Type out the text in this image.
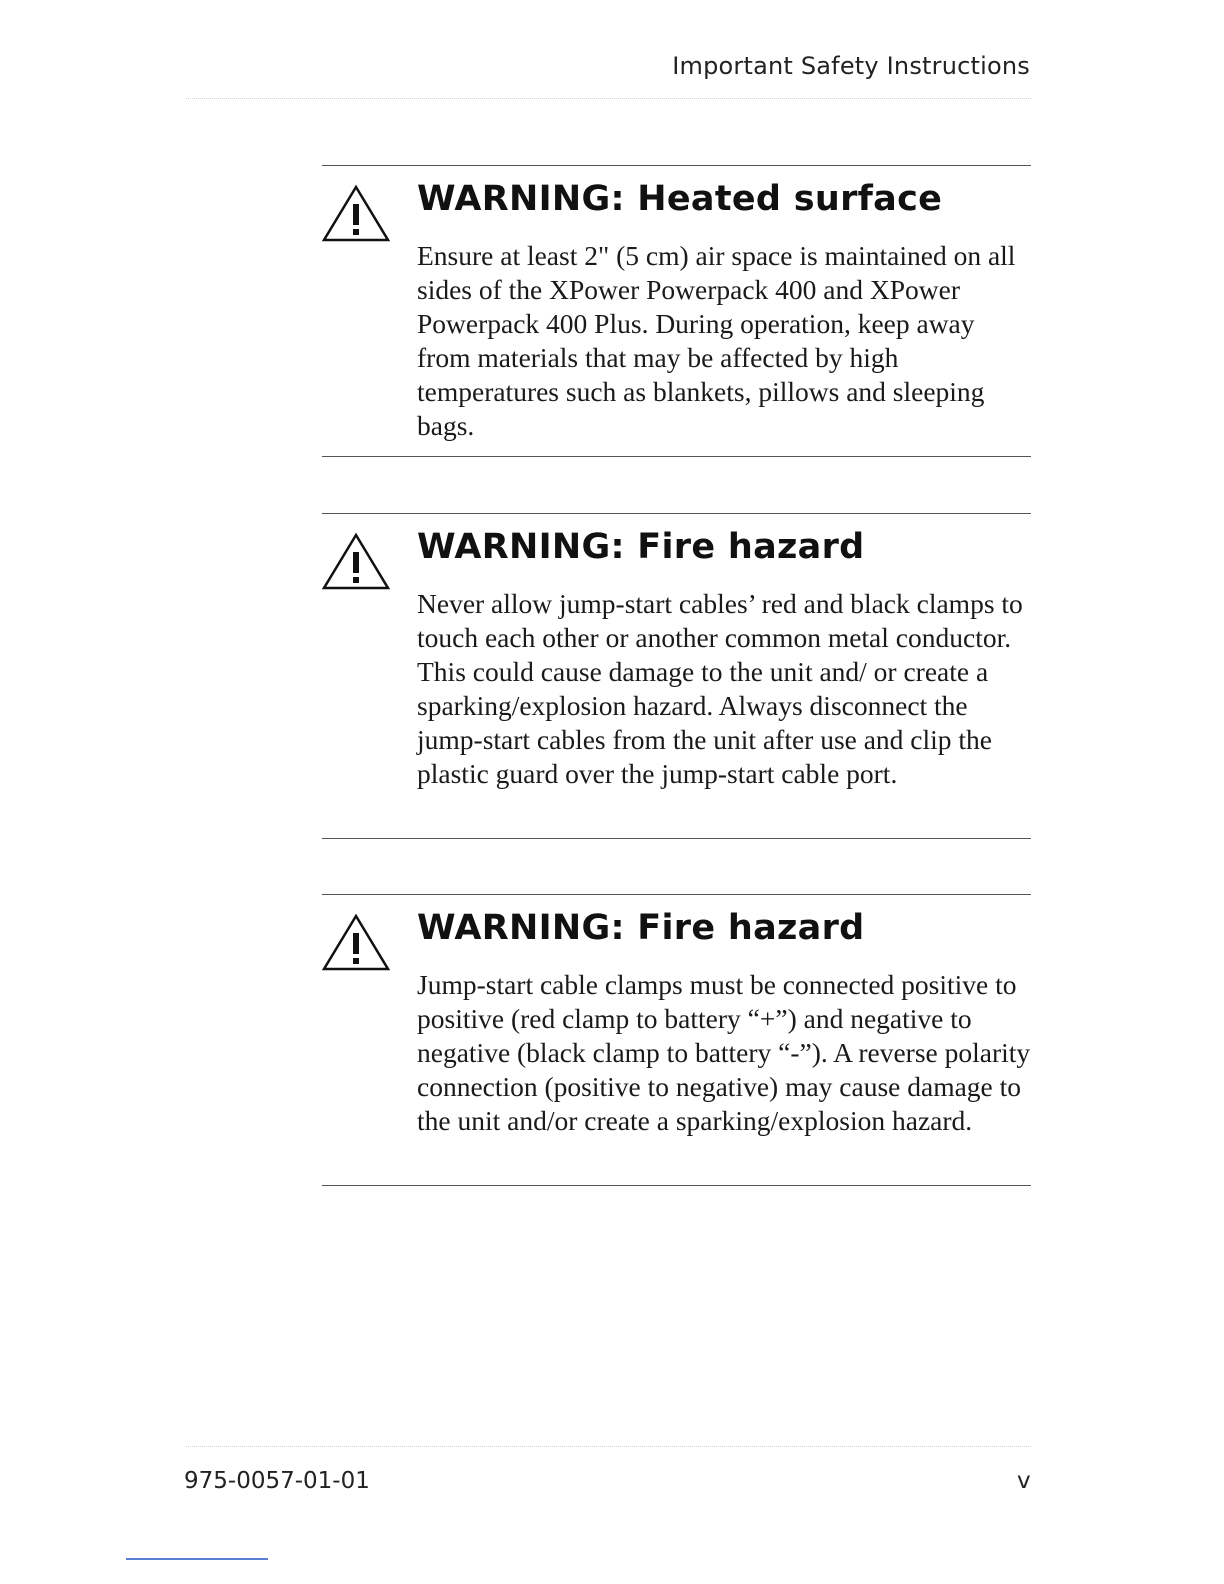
Important Safety Instructions
WARNING: Heated surface

Ensure at least 2" (5 cm) air space is maintained on all sides of the XPower Powerpack 400 and XPower Powerpack 400 Plus. During operation, keep away from materials that may be affected by high temperatures such as blankets, pillows and sleeping bags.

WARNING: Fire hazard

Never allow jump-start cables’ red and black clamps to touch each other or another common metal conductor. This could cause damage to the unit and/ or create a sparking/explosion hazard. Always disconnect the jump-start cables from the unit after use and clip the plastic guard over the jump-start cable port.

WARNING: Fire hazard

Jump-start cable clamps must be connected positive to positive (red clamp to battery “+”) and negative to negative (black clamp to battery “-”). A reverse polarity connection (positive to negative) may cause damage to the unit and/or create a sparking/explosion hazard.

975-0057-01-01	v
